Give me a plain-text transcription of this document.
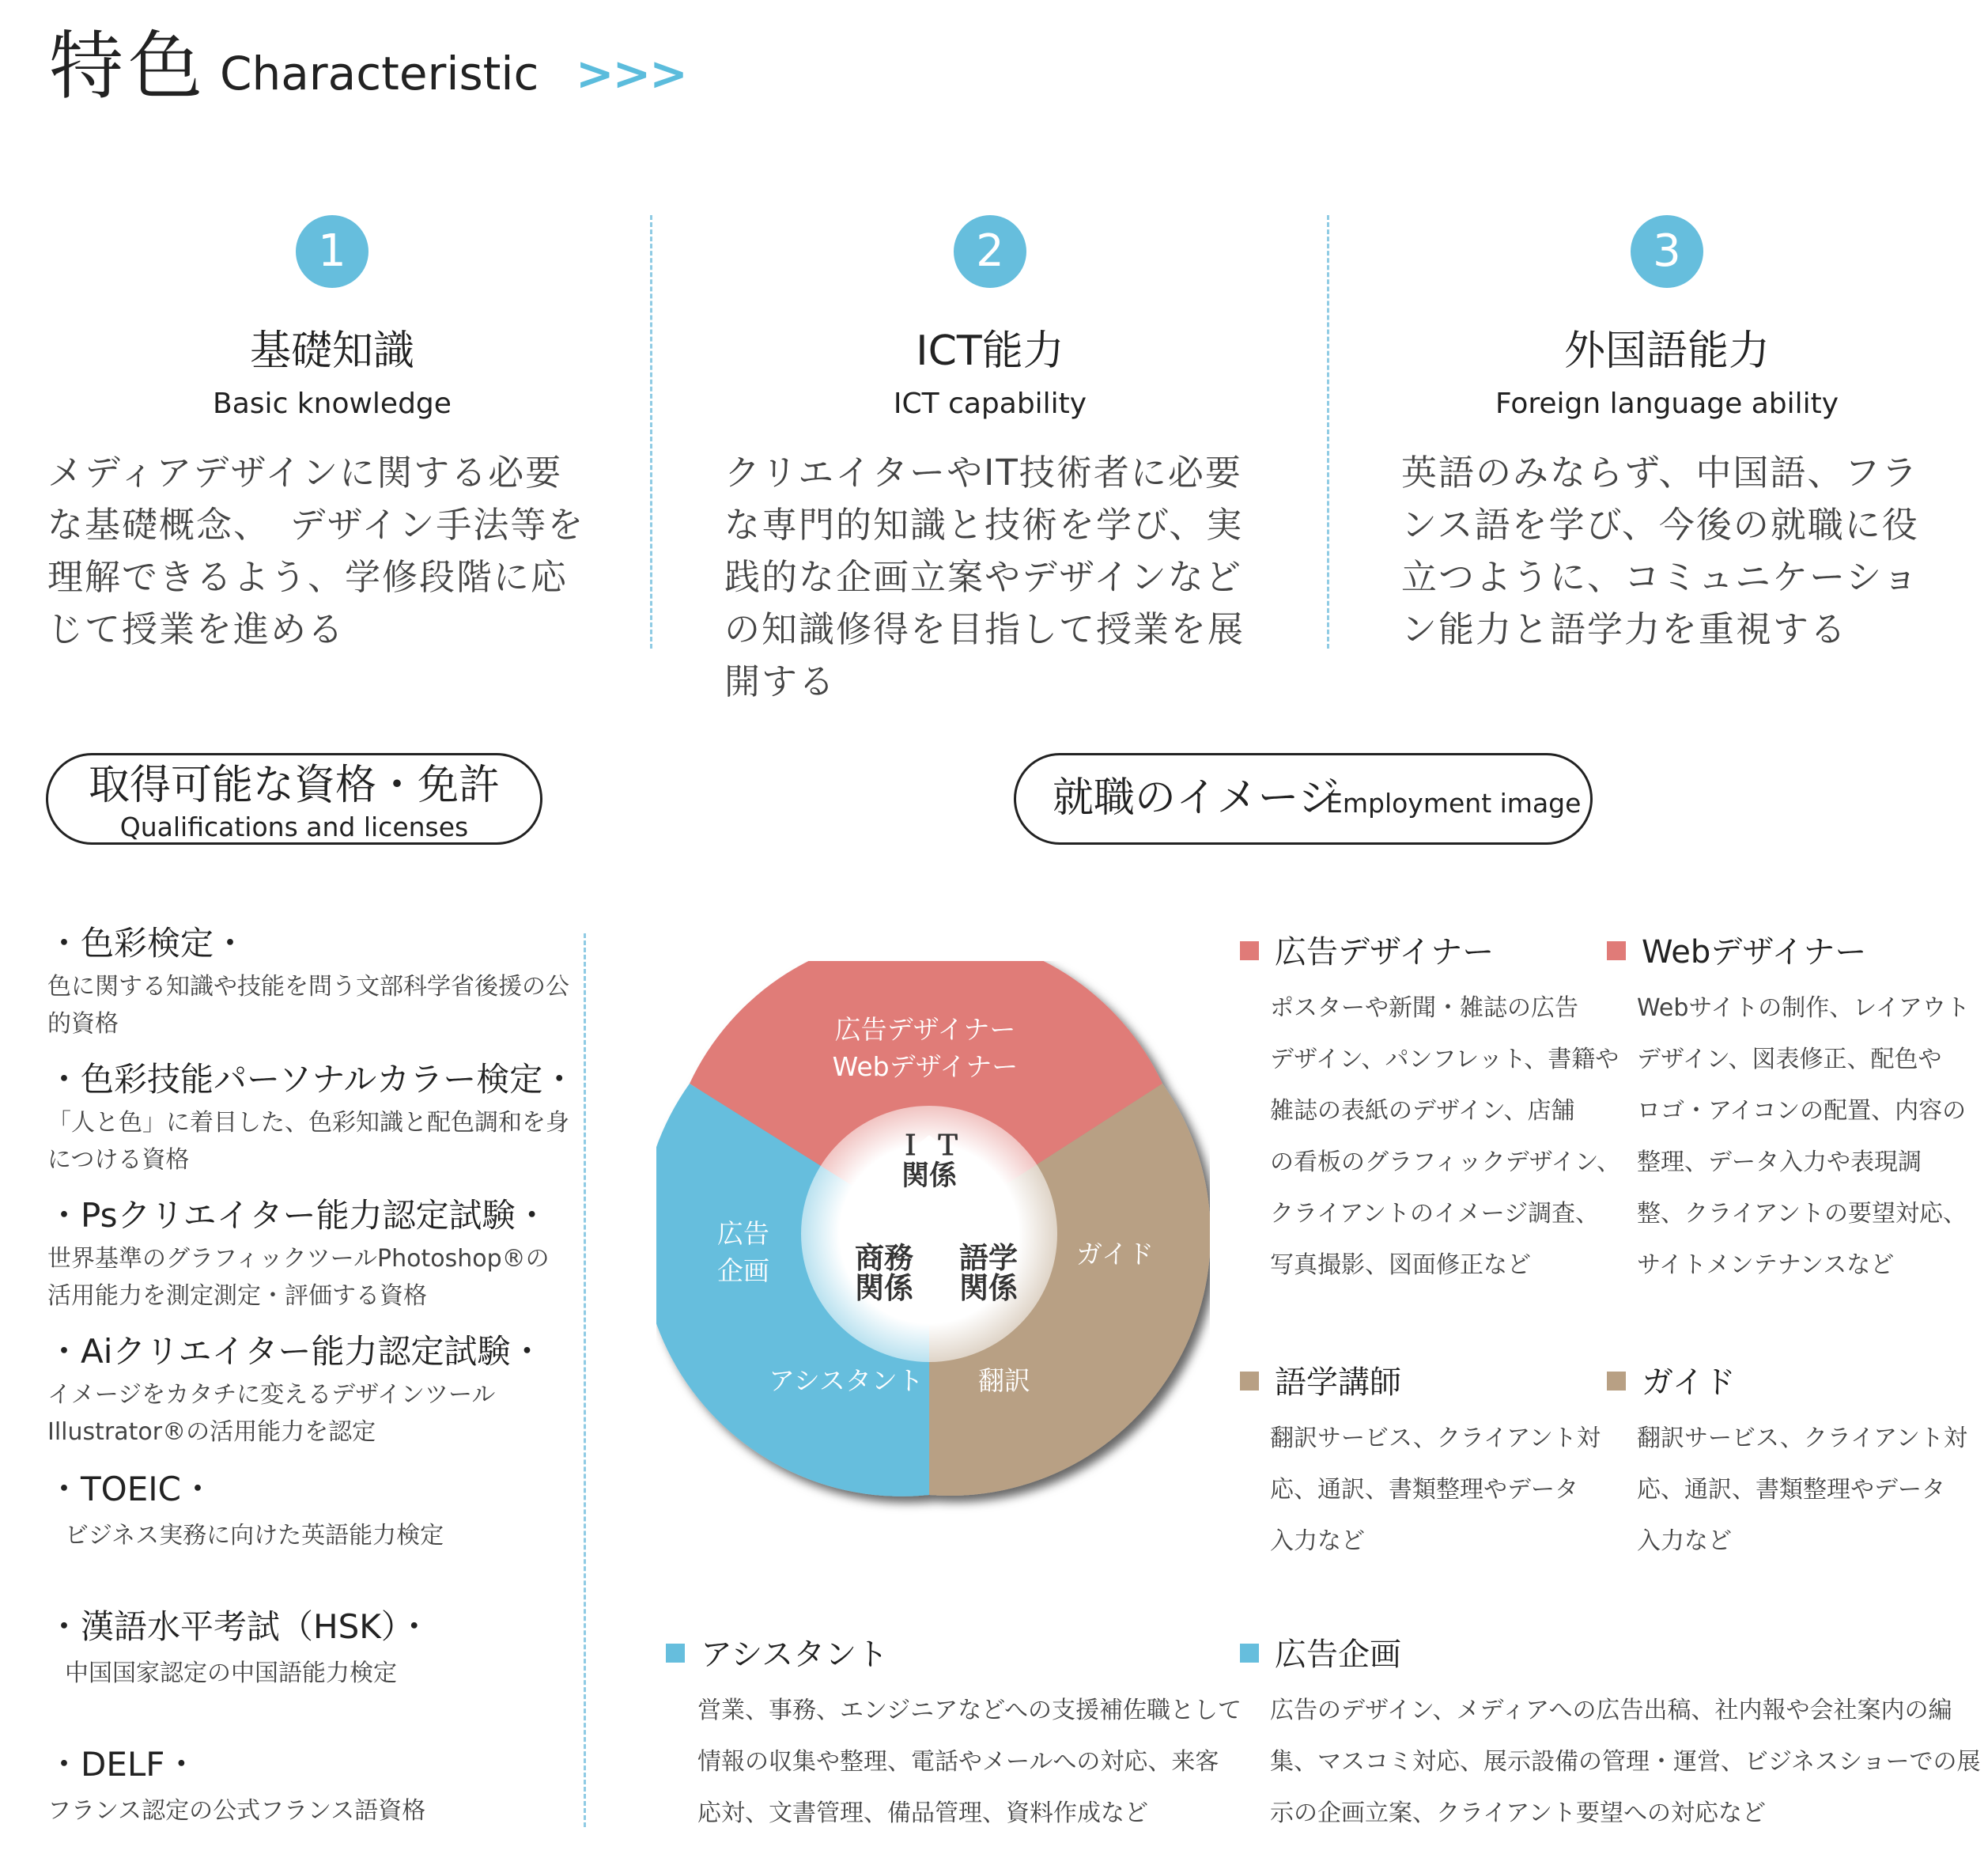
特色 Characteristic >>>
1
基礎知識
Basic knowledge
メディアデザインに関する必要な基礎概念、　デザイン手法等を理解できるよう、学修段階に応じて授業を進める
2
ICT能力
ICT capability
クリエイターやIT技術者に必要な専門的知識と技術を学び、実践的な企画立案やデザインなどの知識修得を目指して授業を展開する
3
外国語能力
Foreign language ability
英語のみならず、中国語、フランス語を学び、今後の就職に役立つように、コミュニケーション能力と語学力を重視する
取得可能な資格・免許
Qualifications and licenses
就職のイメージ
Employment image
・色彩検定・
色に関する知識や技能を問う文部科学省後援の公的資格
・色彩技能パーソナルカラー検定・
「人と色」に着目した、色彩知識と配色調和を身につける資格
・Psクリエイター能力認定試験・
世界基準のグラフィックツールPhotoshop®の活用能力を測定測定・評価する資格
・Aiクリエイター能力認定試験・
イメージをカタチに変えるデザインツールIllustrator®の活用能力を認定
・TOEIC・
ビジネス実務に向けた英語能力検定
・漢語水平考試（HSK）・
中国国家認定の中国語能力検定
・DELF・
フランス認定の公式フランス語資格
広告デザイナー
Webデザイナー
広告
企画
アシスタント
ガイド
翻訳
Ｉ Ｔ
関係
商務
関係
語学
関係
広告デザイナー
ポスターや新聞・雑誌の広告
デザイン、パンフレット、書籍や
雑誌の表紙のデザイン、店舗
の看板のグラフィックデザイン、
クライアントのイメージ調査、
写真撮影、図面修正など
Webデザイナー
Webサイトの制作、レイアウト
デザイン、図表修正、配色や
ロゴ・アイコンの配置、内容の
整理、データ入力や表現調
整、クライアントの要望対応、
サイトメンテナンスなど
語学講師
翻訳サービス、クライアント対
応、通訳、書類整理やデータ
入力など
ガイド
翻訳サービス、クライアント対
応、通訳、書類整理やデータ
入力など
アシスタント
営業、事務、エンジニアなどへの支援補佐職として
情報の収集や整理、電話やメールへの対応、来客
応対、文書管理、備品管理、資料作成など
広告企画
広告のデザイン、メディアへの広告出稿、社内報や会社案内の編
集、マスコミ対応、展示設備の管理・運営、ビジネスショーでの展
示の企画立案、クライアント要望への対応など
